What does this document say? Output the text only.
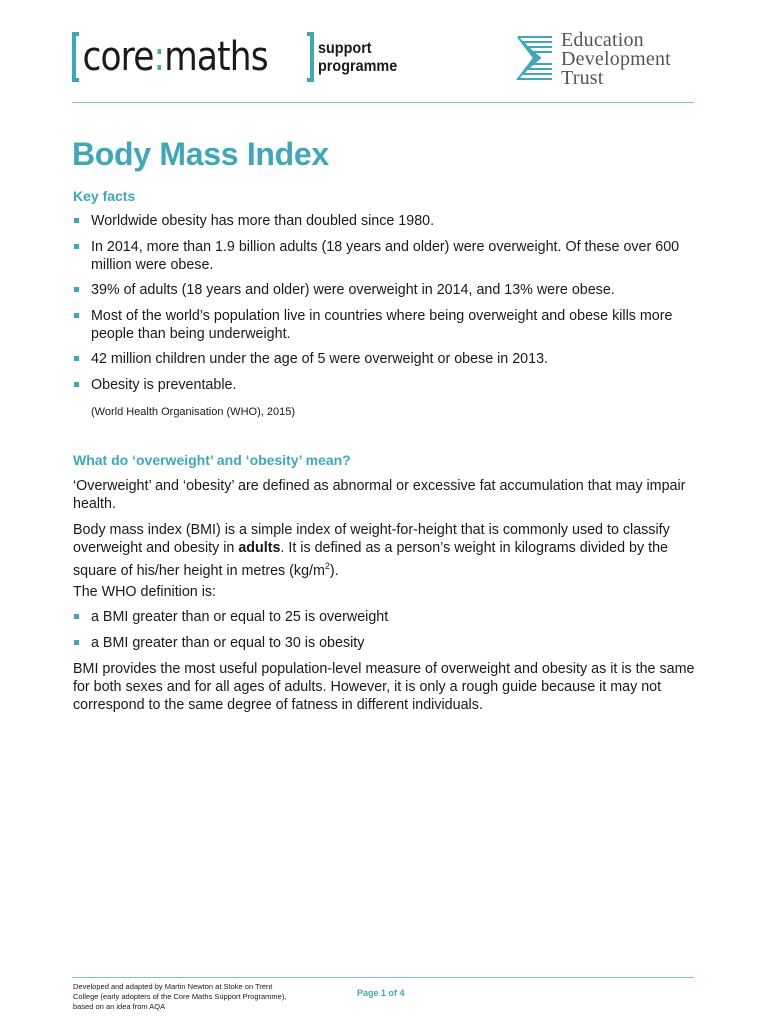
core:maths	support
programme
Education
Development
Trust
Body Mass Index
Key facts
Worldwide obesity has more than doubled since 1980.
In 2014, more than 1.9 billion adults (18 years and older) were overweight. Of these over 600 million were obese.
39% of adults (18 years and older) were overweight in 2014, and 13% were obese.
Most of the world’s population live in countries where being overweight and obese kills more people than being underweight.
42 million children under the age of 5 were overweight or obese in 2013.
Obesity is preventable.
(World Health Organisation (WHO), 2015)
What do ‘overweight’ and ‘obesity’ mean?

‘Overweight’ and ‘obesity’ are defined as abnormal or excessive fat accumulation that may impair health.

Body mass index (BMI) is a simple index of weight-for-height that is commonly used to classify overweight and obesity in adults. It is defined as a person’s weight in kilograms divided by the square of his/her height in metres $(kg/m^2)$.

The WHO definition is:

a BMI greater than or equal to 25 is overweight
a BMI greater than or equal to 30 is obesity

BMI provides the most useful population-level measure of overweight and obesity as it is the same for both sexes and for all ages of adults. However, it is only a rough guide because it may not correspond to the same degree of fatness in different individuals.

Developed and adapted by Martin Newton at Stoke on Trent College (early adopters of the Core Maths Support Programme), based on an idea from AQA
Page 1 of 4
